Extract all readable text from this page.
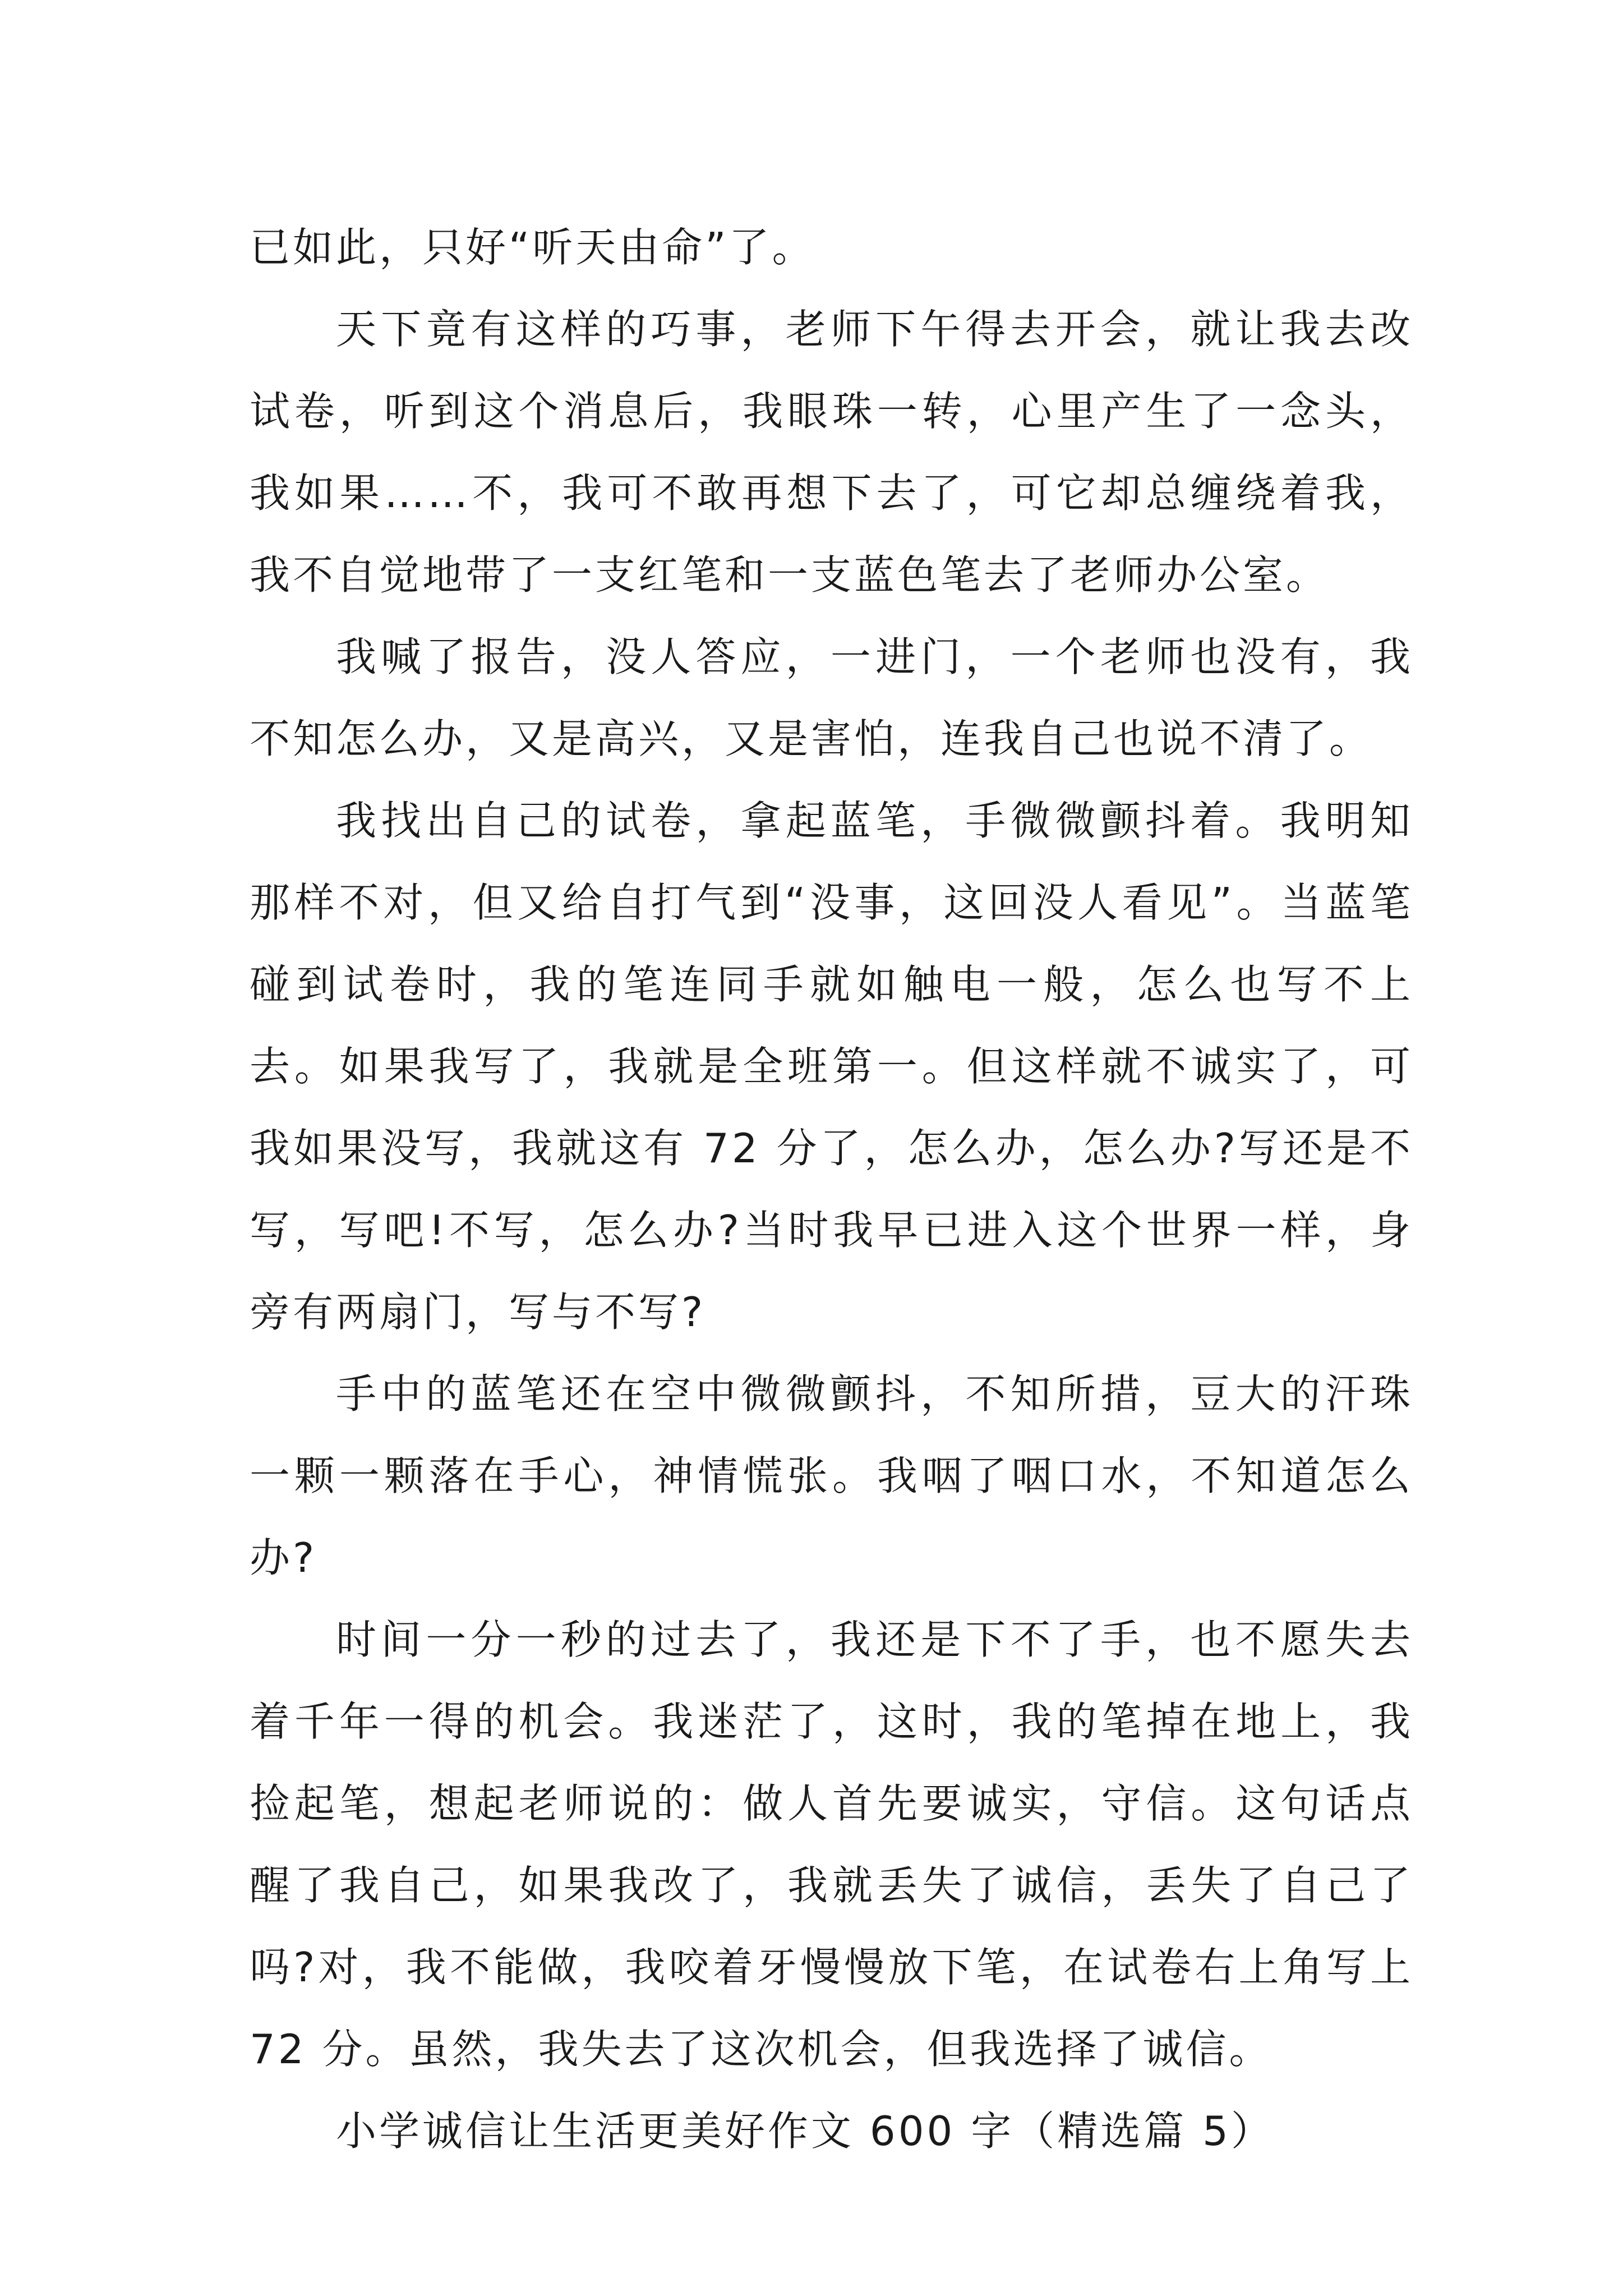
已如此，只好“听天由命”了。

天下竟有这样的巧事，老师下午得去开会，就让我去改试卷，听到这个消息后，我眼珠一转，心里产生了一念头，我如果……不，我可不敢再想下去了，可它却总缠绕着我，我不自觉地带了一支红笔和一支蓝色笔去了老师办公室。

我喊了报告，没人答应，一进门，一个老师也没有，我不知怎么办，又是高兴，又是害怕，连我自己也说不清了。

我找出自己的试卷，拿起蓝笔，手微微颤抖着。我明知那样不对，但又给自打气到“没事，这回没人看见”。当蓝笔碰到试卷时，我的笔连同手就如触电一般，怎么也写不上去。如果我写了，我就是全班第一。但这样就不诚实了，可我如果没写，我就这有 72 分了，怎么办，怎么办?写还是不写，写吧!不写，怎么办?当时我早已进入这个世界一样，身旁有两扇门，写与不写?

手中的蓝笔还在空中微微颤抖，不知所措，豆大的汗珠一颗一颗落在手心，神情慌张。我咽了咽口水，不知道怎么办?

时间一分一秒的过去了，我还是下不了手，也不愿失去着千年一得的机会。我迷茫了，这时，我的笔掉在地上，我捡起笔，想起老师说的：做人首先要诚实，守信。这句话点醒了我自己，如果我改了，我就丢失了诚信，丢失了自己了吗?对，我不能做，我咬着牙慢慢放下笔，在试卷右上角写上 72 分。虽然，我失去了这次机会，但我选择了诚信。

小学诚信让生活更美好作文 600 字（精选篇 5）
